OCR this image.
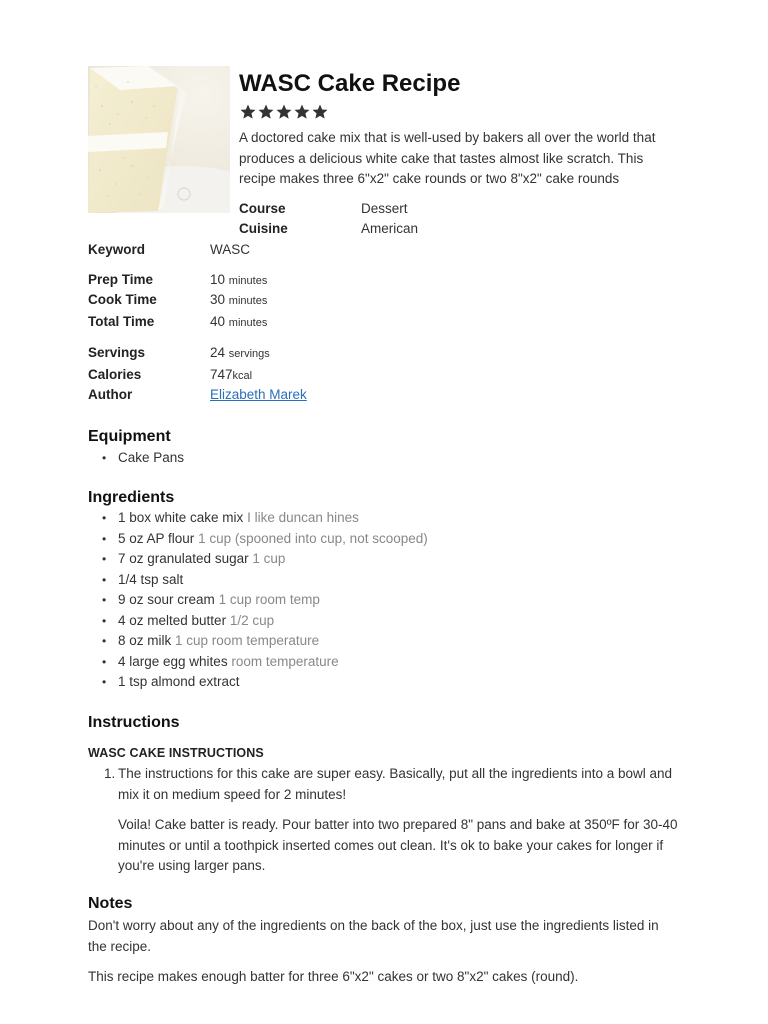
WASC Cake Recipe
A doctored cake mix that is well-used by bakers all over the world that produces a delicious white cake that tastes almost like scratch. This recipe makes three 6"x2" cake rounds or two 8"x2" cake rounds
Course	Dessert
Cuisine	American
Keyword	WASC
Prep Time	10 minutes
Cook Time	30 minutes
Total Time	40 minutes
Servings	24 servings
Calories	747kcal
Author	Elizabeth Marek
Equipment
• Cake Pans
Ingredients
• 1 box white cake mix I like duncan hines
• 5 oz AP flour 1 cup (spooned into cup, not scooped)
• 7 oz granulated sugar 1 cup
• 1/4 tsp salt
• 9 oz sour cream 1 cup room temp
• 4 oz melted butter 1/2 cup
• 8 oz milk 1 cup room temperature
• 4 large egg whites room temperature
• 1 tsp almond extract
Instructions
WASC CAKE INSTRUCTIONS
1. The instructions for this cake are super easy. Basically, put all the ingredients into a bowl and mix it on medium speed for 2 minutes!
Voila! Cake batter is ready. Pour batter into two prepared 8" pans and bake at 350ºF for 30-40 minutes or until a toothpick inserted comes out clean. It's ok to bake your cakes for longer if you're using larger pans.
Notes
Don't worry about any of the ingredients on the back of the box, just use the ingredients listed in the recipe.
This recipe makes enough batter for three 6"x2" cakes or two 8"x2" cakes (round).
